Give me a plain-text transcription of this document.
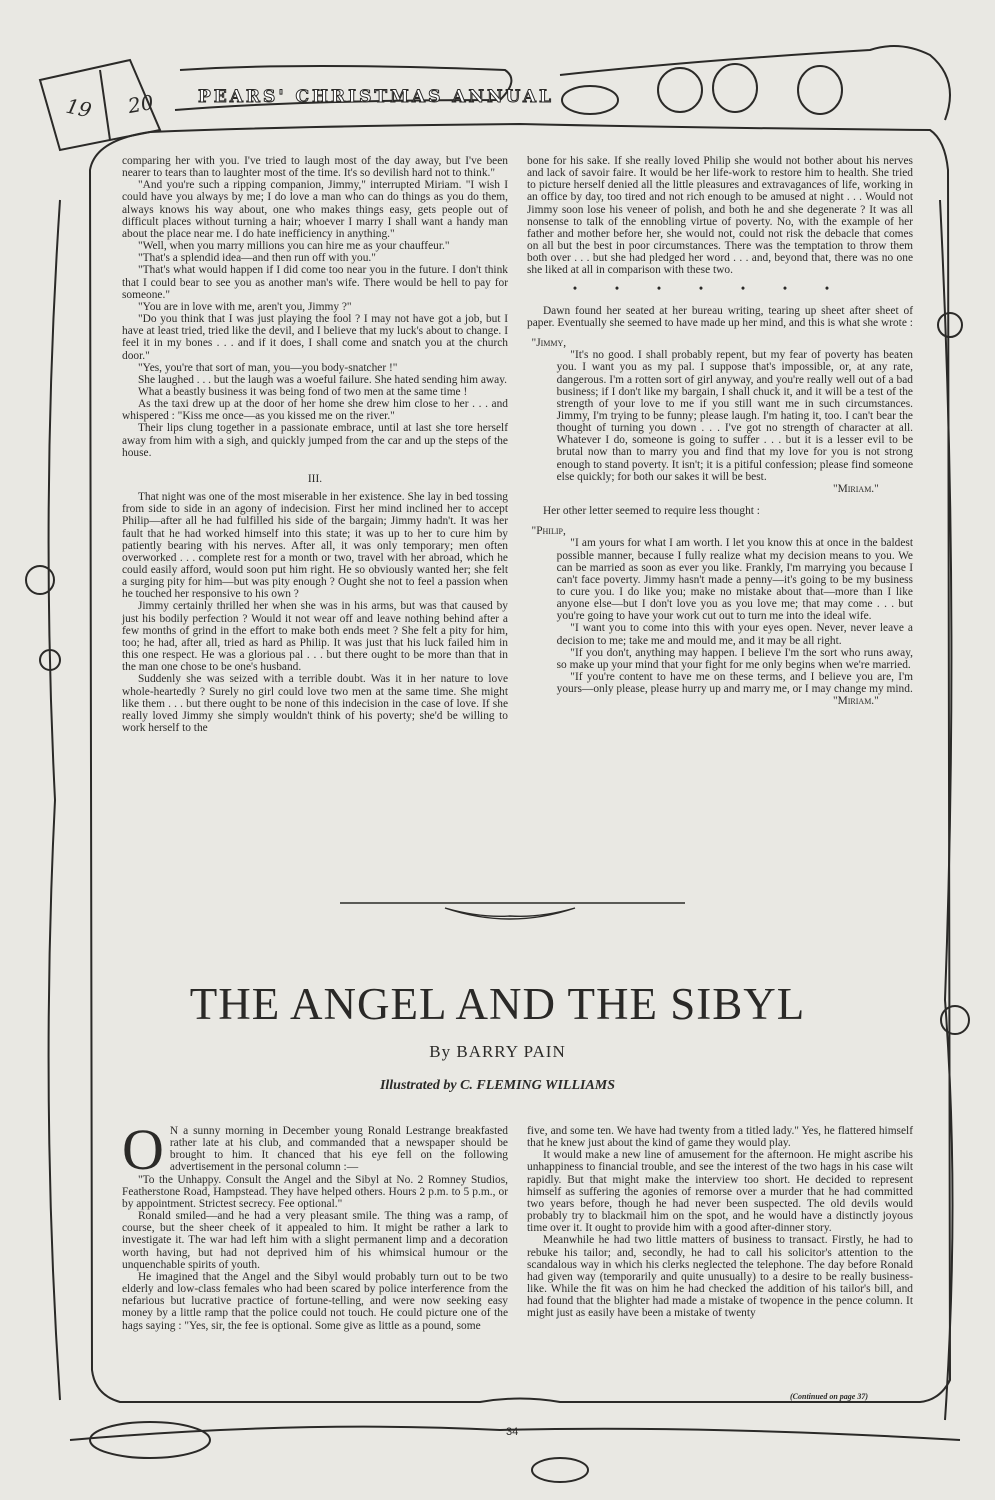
19 20	PEARS' CHRISTMAS ANNUAL

comparing her with you. I've tried to laugh most of the day away, but I've been nearer to tears than to laughter most of the time. It's so devilish hard not to think."

"And you're such a ripping companion, Jimmy," interrupted Miriam. "I wish I could have you always by me; I do love a man who can do things as you do them, always knows his way about, one who makes things easy, gets people out of difficult places without turning a hair; whoever I marry I shall want a handy man about the place near me. I do hate inefficiency in anything."

"Well, when you marry millions you can hire me as your chauffeur."

"That's a splendid idea—and then run off with you."

"That's what would happen if I did come too near you in the future. I don't think that I could bear to see you as another man's wife. There would be hell to pay for someone."

"You are in love with me, aren't you, Jimmy ?"

"Do you think that I was just playing the fool ? I may not have got a job, but I have at least tried, tried like the devil, and I believe that my luck's about to change. I feel it in my bones . . . and if it does, I shall come and snatch you at the church door."

"Yes, you're that sort of man, you—you body-snatcher !"

She laughed . . . but the laugh was a woeful failure. She hated sending him away.

What a beastly business it was being fond of two men at the same time !

As the taxi drew up at the door of her home she drew him close to her . . . and whispered : "Kiss me once—as you kissed me on the river."

Their lips clung together in a passionate embrace, until at last she tore herself away from him with a sigh, and quickly jumped from the car and up the steps of the house.

III.

That night was one of the most miserable in her existence. She lay in bed tossing from side to side in an agony of indecision. First her mind inclined her to accept Philip—after all he had fulfilled his side of the bargain; Jimmy hadn't. It was her fault that he had worked himself into this state; it was up to her to cure him by patiently bearing with his nerves. After all, it was only temporary; men often overworked . . . complete rest for a month or two, travel with her abroad, which he could easily afford, would soon put him right. He so obviously wanted her; she felt a surging pity for him—but was pity enough ? Ought she not to feel a passion when he touched her responsive to his own ?

Jimmy certainly thrilled her when she was in his arms, but was that caused by just his bodily perfection ? Would it not wear off and leave nothing behind after a few months of grind in the effort to make both ends meet ? She felt a pity for him, too; he had, after all, tried as hard as Philip. It was just that his luck failed him in this one respect. He was a glorious pal . . . but there ought to be more than that in the man one chose to be one's husband.

Suddenly she was seized with a terrible doubt. Was it in her nature to love whole-heartedly ? Surely no girl could love two men at the same time. She might like them . . . but there ought to be none of this indecision in the case of love. If she really loved Jimmy she simply wouldn't think of his poverty; she'd be willing to work herself to the

bone for his sake. If she really loved Philip she would not bother about his nerves and lack of savoir faire. It would be her life-work to restore him to health. She tried to picture herself denied all the little pleasures and extravagances of life, working in an office by day, too tired and not rich enough to be amused at night . . . Would not Jimmy soon lose his veneer of polish, and both he and she degenerate ? It was all nonsense to talk of the ennobling virtue of poverty. No, with the example of her father and mother before her, she would not, could not risk the debacle that comes on all but the best in poor circumstances. There was the temptation to throw them both over . . . but she had pledged her word . . . and, beyond that, there was no one she liked at all in comparison with these two.

•••••••

Dawn found her seated at her bureau writing, tearing up sheet after sheet of paper. Eventually she seemed to have made up her mind, and this is what she wrote :

"Jimmy,

"It's no good. I shall probably repent, but my fear of poverty has beaten you. I want you as my pal. I suppose that's impossible, or, at any rate, dangerous. I'm a rotten sort of girl anyway, and you're really well out of a bad business; if I don't like my bargain, I shall chuck it, and it will be a test of the strength of your love to me if you still want me in such circumstances. Jimmy, I'm trying to be funny; please laugh. I'm hating it, too. I can't bear the thought of turning you down . . . I've got no strength of character at all. Whatever I do, someone is going to suffer . . . but it is a lesser evil to be brutal now than to marry you and find that my love for you is not strong enough to stand poverty. It isn't; it is a pitiful confession; please find someone else quickly; for both our sakes it will be best.

"Miriam."

Her other letter seemed to require less thought :

"Philip,

"I am yours for what I am worth. I let you know this at once in the baldest possible manner, because I fully realize what my decision means to you. We can be married as soon as ever you like. Frankly, I'm marrying you because I can't face poverty. Jimmy hasn't made a penny—it's going to be my business to cure you. I do like you; make no mistake about that—more than I like anyone else—but I don't love you as you love me; that may come . . . but you're going to have your work cut out to turn me into the ideal wife.

"I want you to come into this with your eyes open. Never, never leave a decision to me; take me and mould me, and it may be all right.

"If you don't, anything may happen. I believe I'm the sort who runs away, so make up your mind that your fight for me only begins when we're married.

"If you're content to have me on these terms, and I believe you are, I'm yours—only please, please hurry up and marry me, or I may change my mind.

"Miriam."

THE ANGEL AND THE SIBYL
By BARRY PAIN
Illustrated by C. FLEMING WILLIAMS

O N a sunny morning in December young Ronald Lestrange breakfasted rather late at his club, and commanded that a newspaper should be brought to him. It chanced that his eye fell on the following advertisement in the personal column :—

"To the Unhappy. Consult the Angel and the Sibyl at No. 2 Romney Studios, Featherstone Road, Hampstead. They have helped others. Hours 2 p.m. to 5 p.m., or by appointment. Strictest secrecy. Fee optional."

Ronald smiled—and he had a very pleasant smile. The thing was a ramp, of course, but the sheer cheek of it appealed to him. It might be rather a lark to investigate it. The war had left him with a slight permanent limp and a decoration worth having, but had not deprived him of his whimsical humour or the unquenchable spirits of youth.

He imagined that the Angel and the Sibyl would probably turn out to be two elderly and low-class females who had been scared by police interference from the nefarious but lucrative practice of fortune-telling, and were now seeking easy money by a little ramp that the police could not touch. He could picture one of the hags saying : "Yes, sir, the fee is optional. Some give as little as a pound, some

five, and some ten. We have had twenty from a titled lady." Yes, he flattered himself that he knew just about the kind of game they would play.

It would make a new line of amusement for the afternoon. He might ascribe his unhappiness to financial trouble, and see the interest of the two hags in his case wilt rapidly. But that might make the interview too short. He decided to represent himself as suffering the agonies of remorse over a murder that he had committed two years before, though he had never been suspected. The old devils would probably try to blackmail him on the spot, and he would have a distinctly joyous time over it. It ought to provide him with a good after-dinner story.

Meanwhile he had two little matters of business to transact. Firstly, he had to rebuke his tailor; and, secondly, he had to call his solicitor's attention to the scandalous way in which his clerks neglected the telephone. The day before Ronald had given way (temporarily and quite unusually) to a desire to be really business-like. While the fit was on him he had checked the addition of his tailor's bill, and had found that the blighter had made a mistake of twopence in the pence column. It might just as easily have been a mistake of twenty

(Continued on page 37)
34
